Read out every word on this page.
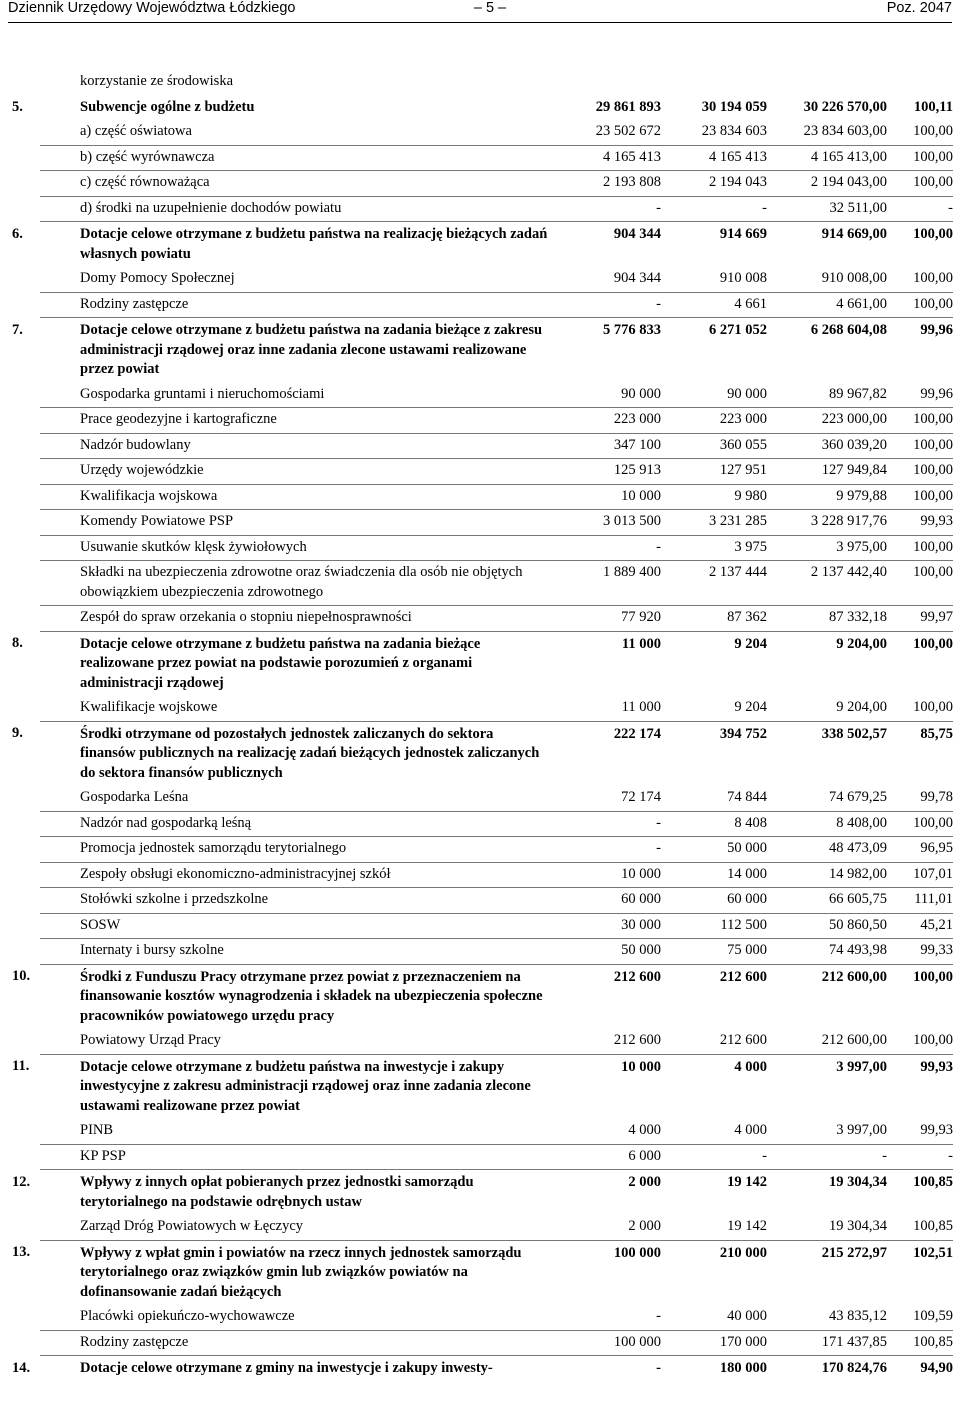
Dziennik Urzędowy Województwa Łódzkiego	– 5 –	Poz. 2047
	korzystanie ze środowiska				
5.	Subwencje ogólne z budżetu	29 861 893	30 194 059	30 226 570,00	100,11
	a) część oświatowa	23 502 672	23 834 603	23 834 603,00	100,00
	b) część wyrównawcza	4 165 413	4 165 413	4 165 413,00	100,00
	c) część równoważąca	2 193 808	2 194 043	2 194 043,00	100,00
	d) środki na uzupełnienie dochodów powiatu	-	-	32 511,00	-
6.	Dotacje celowe otrzymane z budżetu państwa na realizację bieżących zadań własnych powiatu	904 344	914 669	914 669,00	100,00
	Domy Pomocy Społecznej	904 344	910 008	910 008,00	100,00
	Rodziny zastępcze	-	4 661	4 661,00	100,00
7.	Dotacje celowe otrzymane z budżetu państwa na zadania bieżące z zakresu administracji rządowej oraz inne zadania zlecone ustawami realizowane przez powiat	5 776 833	6 271 052	6 268 604,08	99,96
	Gospodarka gruntami i nieruchomościami	90 000	90 000	89 967,82	99,96
	Prace geodezyjne i kartograficzne	223 000	223 000	223 000,00	100,00
	Nadzór budowlany	347 100	360 055	360 039,20	100,00
	Urzędy wojewódzkie	125 913	127 951	127 949,84	100,00
	Kwalifikacja wojskowa	10 000	9 980	9 979,88	100,00
	Komendy Powiatowe PSP	3 013 500	3 231 285	3 228 917,76	99,93
	Usuwanie skutków klęsk żywiołowych	-	3 975	3 975,00	100,00
	Składki na ubezpieczenia zdrowotne oraz świadczenia dla osób nie objętych obowiązkiem ubezpieczenia zdrowotnego	1 889 400	2 137 444	2 137 442,40	100,00
	Zespół do spraw orzekania o stopniu niepełnosprawności	77 920	87 362	87 332,18	99,97
8.	Dotacje celowe otrzymane z budżetu państwa na zadania bieżące realizowane przez powiat na podstawie porozumień z organami administracji rządowej	11 000	9 204	9 204,00	100,00
	Kwalifikacje wojskowe	11 000	9 204	9 204,00	100,00
9.	Środki otrzymane od pozostałych jednostek zaliczanych do sektora finansów publicznych na realizację zadań bieżących jednostek zaliczanych do sektora finansów publicznych	222 174	394 752	338 502,57	85,75
	Gospodarka Leśna	72 174	74 844	74 679,25	99,78
	Nadzór nad gospodarką leśną	-	8 408	8 408,00	100,00
	Promocja jednostek samorządu terytorialnego	-	50 000	48 473,09	96,95
	Zespoły obsługi ekonomiczno-administracyjnej szkół	10 000	14 000	14 982,00	107,01
	Stołówki szkolne i przedszkolne	60 000	60 000	66 605,75	111,01
	SOSW	30 000	112 500	50 860,50	45,21
	Internaty i bursy szkolne	50 000	75 000	74 493,98	99,33
10.	Środki z Funduszu Pracy otrzymane przez powiat z przeznaczeniem na finansowanie kosztów wynagrodzenia i składek na ubezpieczenia społeczne pracowników powiatowego urzędu pracy	212 600	212 600	212 600,00	100,00
	Powiatowy Urząd Pracy	212 600	212 600	212 600,00	100,00
11.	Dotacje celowe otrzymane z budżetu państwa na inwestycje i zakupy inwestycyjne z zakresu administracji rządowej oraz inne zadania zlecone ustawami realizowane przez powiat	10 000	4 000	3 997,00	99,93
	PINB	4 000	4 000	3 997,00	99,93
	KP PSP	6 000	-	-	-
12.	Wpływy z innych opłat pobieranych przez jednostki samorządu terytorialnego na podstawie odrębnych ustaw	2 000	19 142	19 304,34	100,85
	Zarząd Dróg Powiatowych w Łęczycy	2 000	19 142	19 304,34	100,85
13.	Wpływy z wpłat gmin i powiatów na rzecz innych jednostek samorządu terytorialnego oraz związków gmin lub związków powiatów na dofinansowanie zadań bieżących	100 000	210 000	215 272,97	102,51
	Placówki opiekuńczo-wychowawcze	-	40 000	43 835,12	109,59
	Rodziny zastępcze	100 000	170 000	171 437,85	100,85
14.	Dotacje celowe otrzymane z gminy na inwestycje i zakupy inwesty-	-	180 000	170 824,76	94,90
